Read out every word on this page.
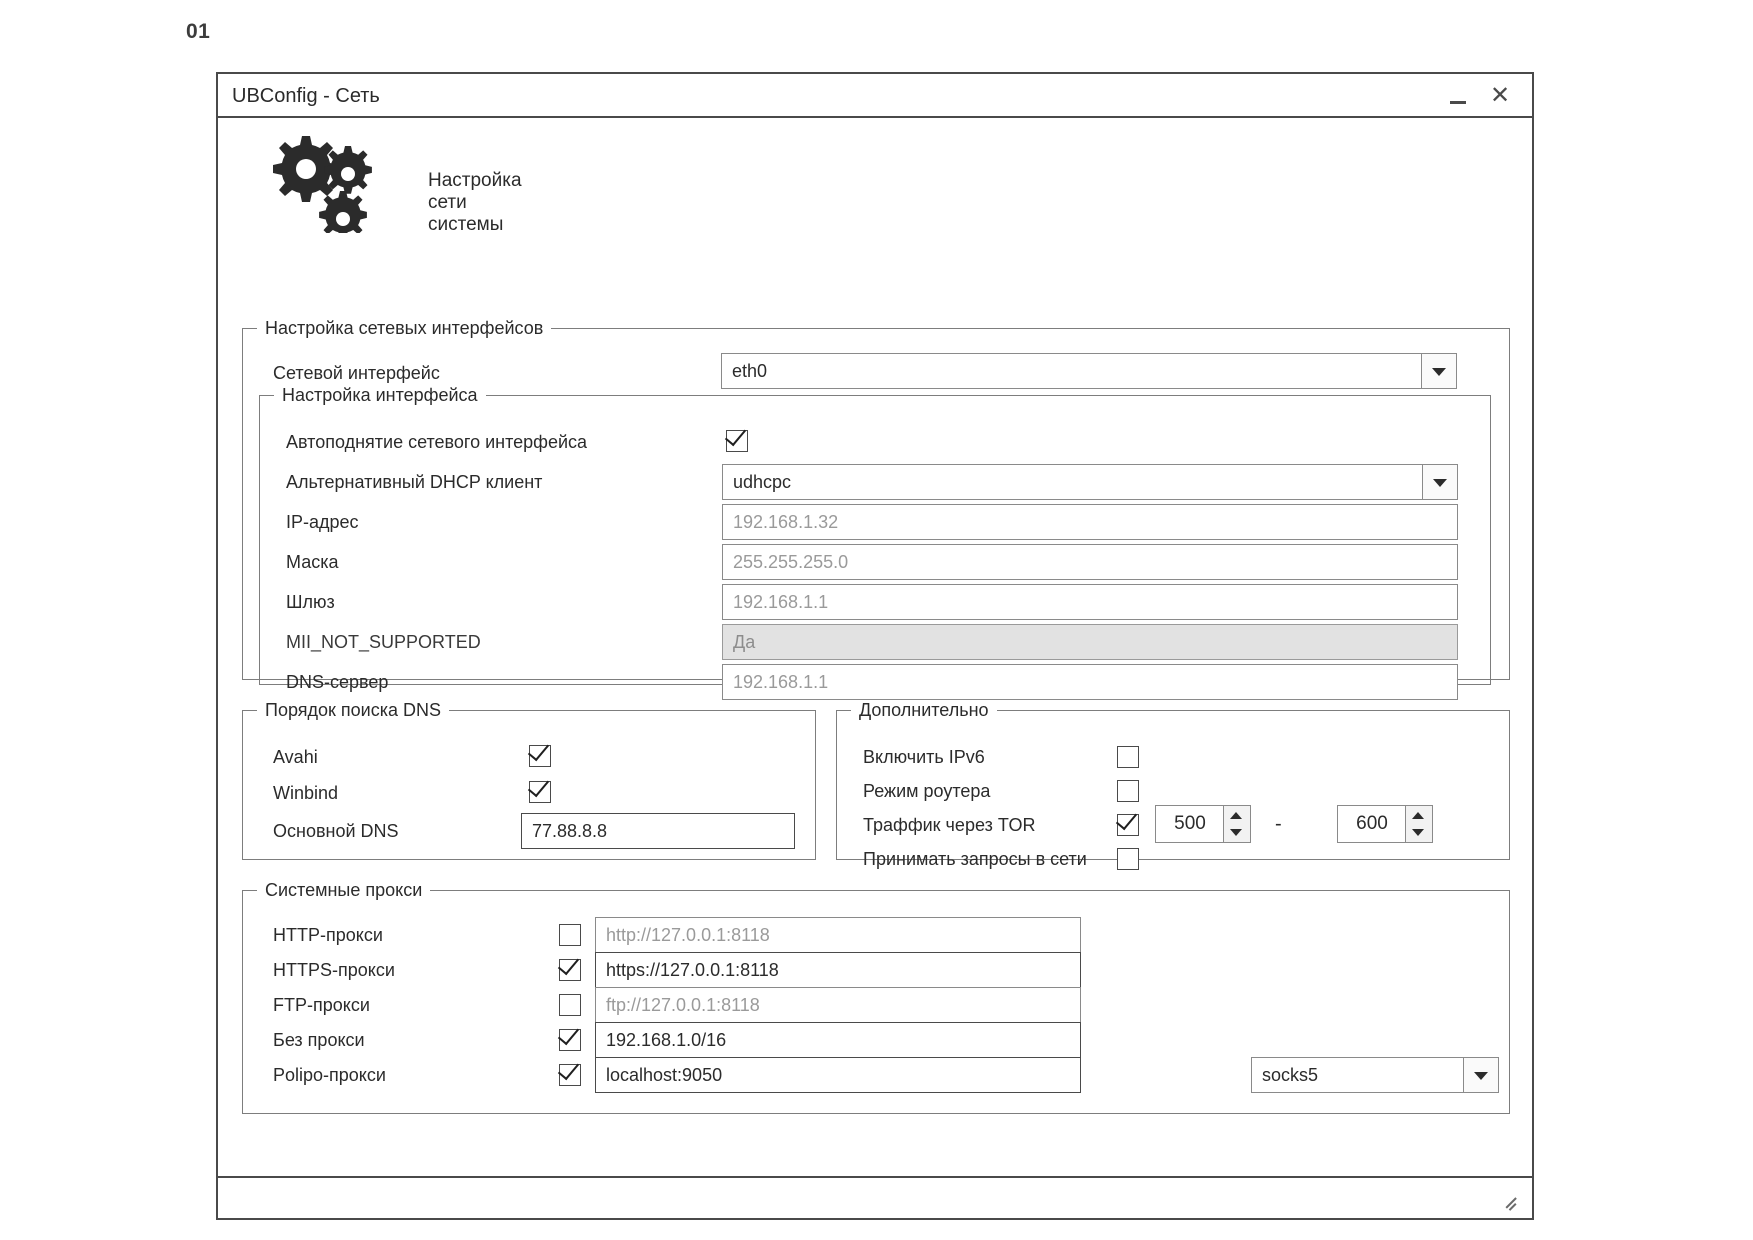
01
UBConfig - Сеть	✕
Настройка сети системы
Настройка сетевых интерфейсов
Сетевой интерфейс	eth0
Настройка интерфейса
Автоподнятие сетевого интерфейса
Альтернативный DHCP клиент	udhcpc
IP-адрес	192.168.1.32
Маска	255.255.255.0
Шлюз	192.168.1.1
MII_NOT_SUPPORTED	Да
DNS-сервер	192.168.1.1
Порядок поиска DNS
Avahi
Winbind
Основной DNS	77.88.8.8
Дополнительно
Включить IPv6
Режим роутера
Траффик через TOR	500	-	600
Принимать запросы в сети
Системные прокси
HTTP-прокси	http://127.0.0.1:8118
HTTPS-прокси	https://127.0.0.1:8118
FTP-прокси	ftp://127.0.0.1:8118
Без прокси	192.168.1.0/16
Polipo-прокси	localhost:9050	socks5
